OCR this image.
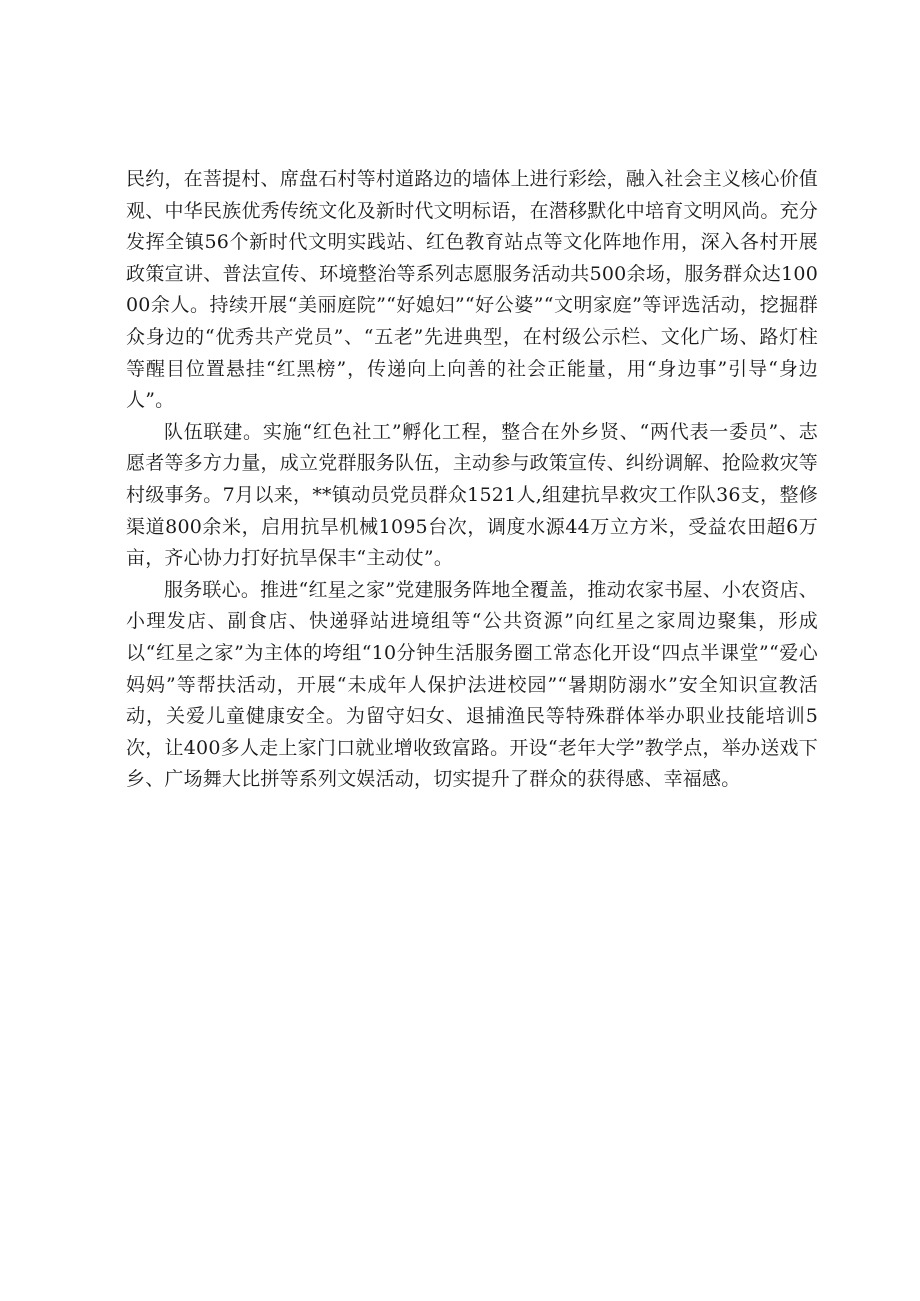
民约，在菩提村、席盘石村等村道路边的墙体上进行彩绘，融入社会主义核心价值观、中华民族优秀传统文化及新时代文明标语，在潜移默化中培育文明风尚。充分发挥全镇56个新时代文明实践站、红色教育站点等文化阵地作用，深入各村开展政策宣讲、普法宣传、环境整治等系列志愿服务活动共500余场，服务群众达10000余人。持续开展“美丽庭院”“好媳妇”“好公婆”“文明家庭”等评选活动，挖掘群众身边的“优秀共产党员”、“五老”先进典型，在村级公示栏、文化广场、路灯柱等醒目位置悬挂“红黑榜”，传递向上向善的社会正能量，用“身边事”引导“身边人”。

队伍联建。实施“红色社工”孵化工程，整合在外乡贤、“两代表一委员”、志愿者等多方力量，成立党群服务队伍，主动参与政策宣传、纠纷调解、抢险救灾等村级事务。7月以来，**镇动员党员群众1521人,组建抗旱救灾工作队36支，整修渠道800余米，启用抗旱机械1095台次，调度水源44万立方米，受益农田超6万亩，齐心协力打好抗旱保丰“主动仗”。

服务联心。推进“红星之家”党建服务阵地全覆盖，推动农家书屋、小农资店、小理发店、副食店、快递驿站进境组等“公共资源”向红星之家周边聚集，形成以“红星之家”为主体的垮组“10分钟生活服务圈工常态化开设“四点半课堂”“爱心妈妈”等帮扶活动，开展“未成年人保护法进校园”“暑期防溺水”安全知识宣教活动，关爱儿童健康安全。为留守妇女、退捕渔民等特殊群体举办职业技能培训5次，让400多人走上家门口就业增收致富路。开设“老年大学”教学点，举办送戏下乡、广场舞大比拼等系列文娱活动，切实提升了群众的获得感、幸福感。
